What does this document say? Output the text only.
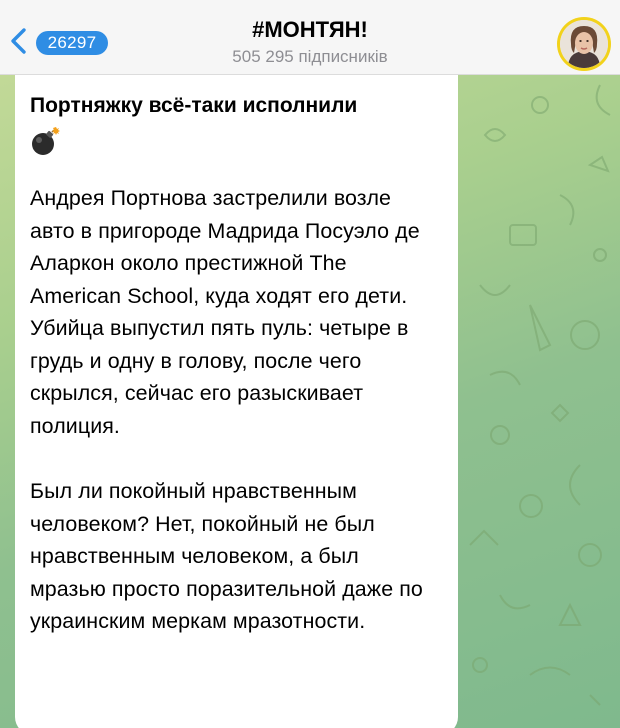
26297
#МОНТЯН!
505 295 підписників
Портняжку всё-таки исполнили
Андрея Портнова застрелили возле авто в пригороде Мадрида Посуэло де Аларкон около престижной The American School, куда ходят его дети. Убийца выпустил пять пуль: четыре в грудь и одну в голову, после чего скрылся, сейчас его разыскивает полиция.
Был ли покойный нравственным человеком? Нет, покойный не был нравственным человеком, а был мразью просто поразительной даже по украинским меркам мразотности.
